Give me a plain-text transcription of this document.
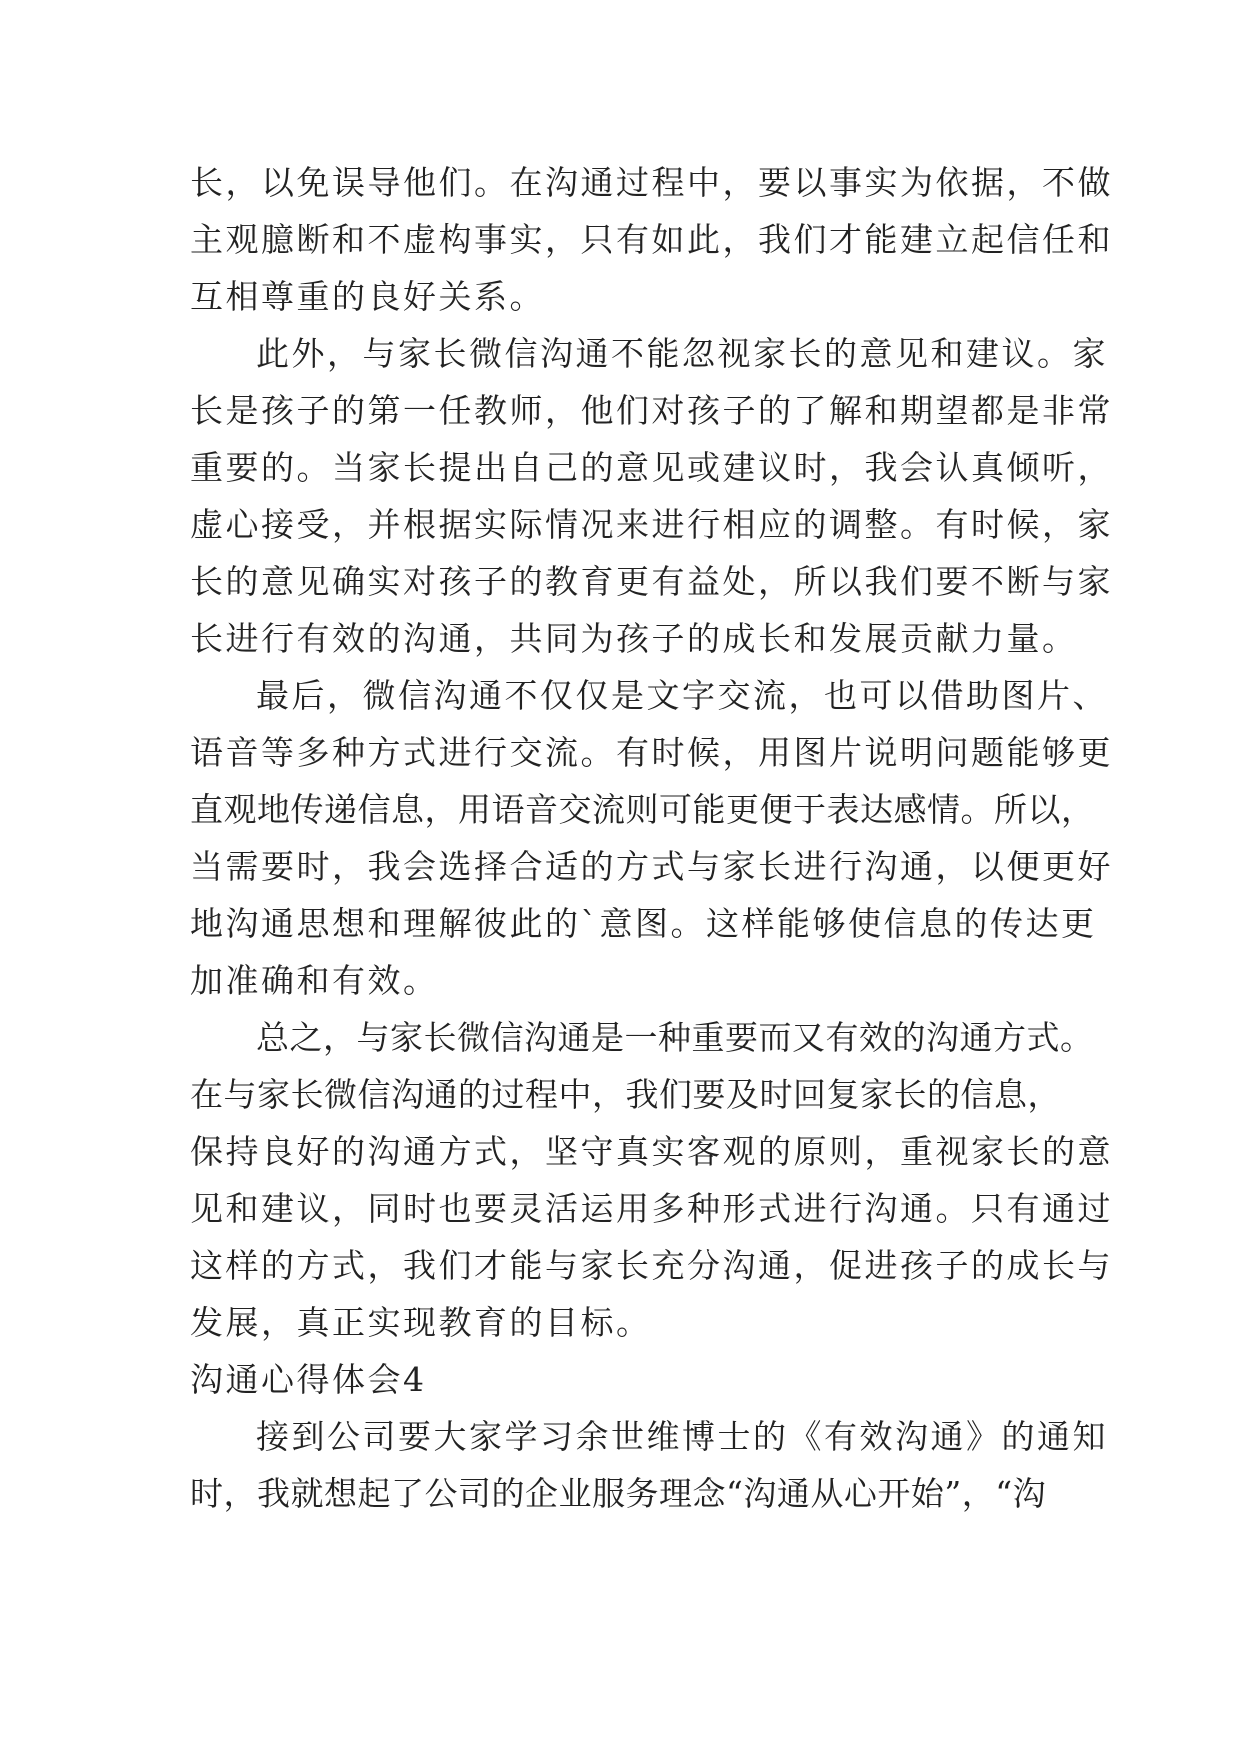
长，以免误导他们。在沟通过程中，要以事实为依据，不做
主观臆断和不虚构事实，只有如此，我们才能建立起信任和
互相尊重的良好关系。
此外，与家长微信沟通不能忽视家长的意见和建议。家
长是孩子的第一任教师，他们对孩子的了解和期望都是非常
重要的。当家长提出自己的意见或建议时，我会认真倾听，
虚心接受，并根据实际情况来进行相应的调整。有时候，家
长的意见确实对孩子的教育更有益处，所以我们要不断与家
长进行有效的沟通，共同为孩子的成长和发展贡献力量。
最后，微信沟通不仅仅是文字交流，也可以借助图片、
语音等多种方式进行交流。有时候，用图片说明问题能够更
直观地传递信息，用语音交流则可能更便于表达感情。所以，
当需要时，我会选择合适的方式与家长进行沟通，以便更好
地沟通思想和理解彼此的`意图。这样能够使信息的传达更
加准确和有效。
总之，与家长微信沟通是一种重要而又有效的沟通方式。
在与家长微信沟通的过程中，我们要及时回复家长的信息，
保持良好的沟通方式，坚守真实客观的原则，重视家长的意
见和建议，同时也要灵活运用多种形式进行沟通。只有通过
这样的方式，我们才能与家长充分沟通，促进孩子的成长与
发展，真正实现教育的目标。
沟通心得体会4
接到公司要大家学习余世维博士的《有效沟通》的通知
时，我就想起了公司的企业服务理念“沟通从心开始”，“沟
